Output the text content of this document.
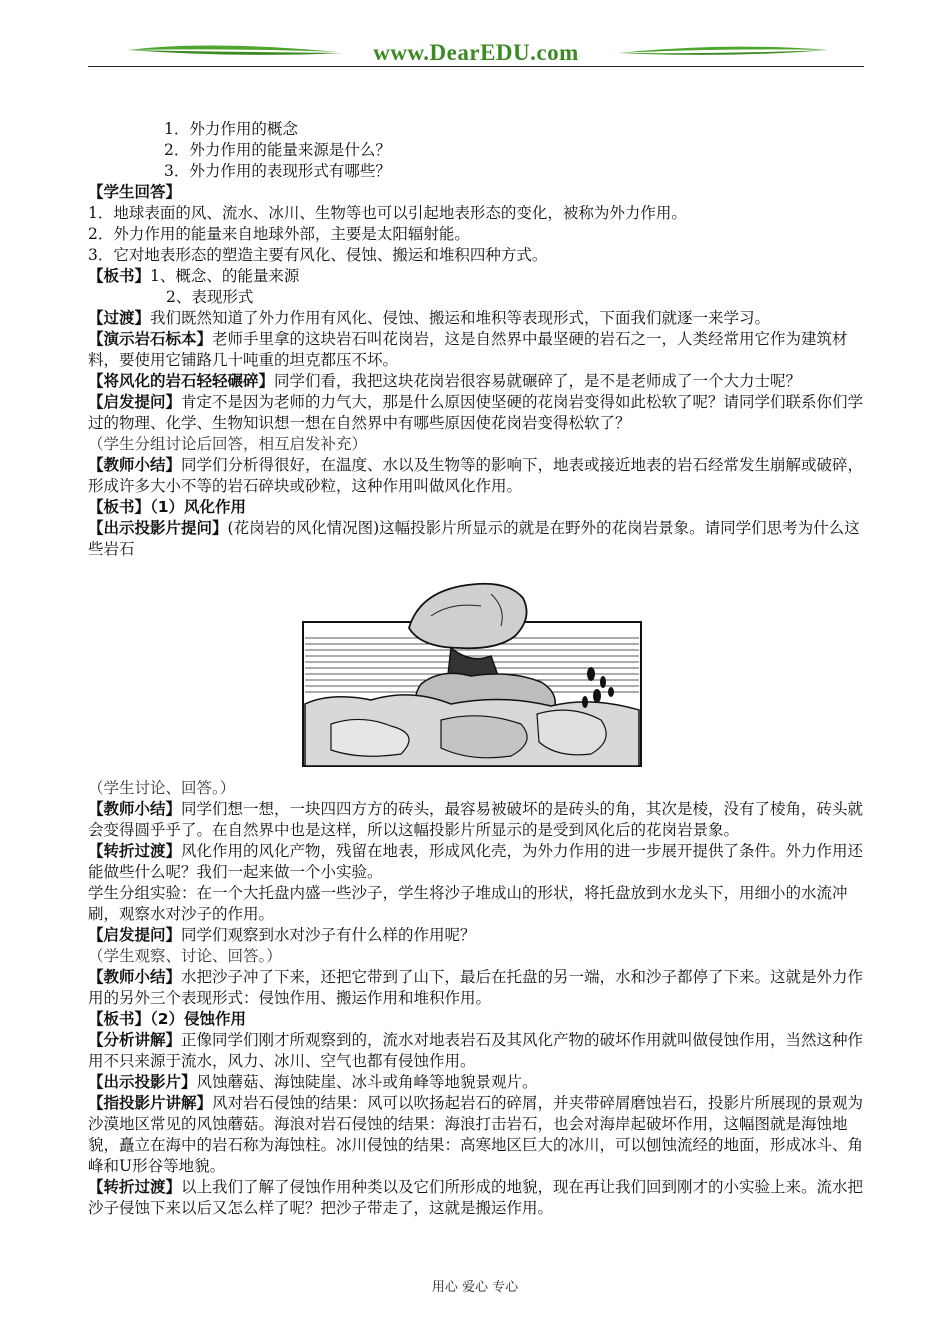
www.DearEDU.com

1．外力作用的概念

2．外力作用的能量来源是什么？

3．外力作用的表现形式有哪些？

【学生回答】

1．地球表面的风、流水、冰川、生物等也可以引起地表形态的变化，被称为外力作用。

2．外力作用的能量来自地球外部，主要是太阳辐射能。

3．它对地表形态的塑造主要有风化、侵蚀、搬运和堆积四种方式。

【板书】1、概念、的能量来源

2、表现形式

【过渡】我们既然知道了外力作用有风化、侵蚀、搬运和堆积等表现形式，下面我们就逐一来学习。

【演示岩石标本】老师手里拿的这块岩石叫花岗岩，这是自然界中最坚硬的岩石之一，人类经常用它作为建筑材料，要使用它铺路几十吨重的坦克都压不坏。

【将风化的岩石轻轻碾碎】同学们看，我把这块花岗岩很容易就碾碎了，是不是老师成了一个大力士呢？

【启发提问】肯定不是因为老师的力气大，那是什么原因使坚硬的花岗岩变得如此松软了呢？请同学们联系你们学过的物理、化学、生物知识想一想在自然界中有哪些原因使花岗岩变得松软了？

（学生分组讨论后回答，相互启发补充）

【教师小结】同学们分析得很好，在温度、水以及生物等的影响下，地表或接近地表的岩石经常发生崩解或破碎，形成许多大小不等的岩石碎块或砂粒，这种作用叫做风化作用。

【板书】（1）风化作用

【出示投影片提问】(花岗岩的风化情况图)这幅投影片所显示的就是在野外的花岗岩景象。请同学们思考为什么这些岩石

（学生讨论、回答。）

【教师小结】同学们想一想，一块四四方方的砖头，最容易被破坏的是砖头的角，其次是棱，没有了棱角，砖头就会变得圆乎乎了。在自然界中也是这样，所以这幅投影片所显示的是受到风化后的花岗岩景象。

【转折过渡】风化作用的风化产物，残留在地表，形成风化壳，为外力作用的进一步展开提供了条件。外力作用还能做些什么呢？我们一起来做一个小实验。

学生分组实验：在一个大托盘内盛一些沙子，学生将沙子堆成山的形状，将托盘放到水龙头下，用细小的水流冲刷，观察水对沙子的作用。

【启发提问】同学们观察到水对沙子有什么样的作用呢？

（学生观察、讨论、回答。）

【教师小结】水把沙子冲了下来，还把它带到了山下，最后在托盘的另一端，水和沙子都停了下来。这就是外力作用的另外三个表现形式：侵蚀作用、搬运作用和堆积作用。

【板书】（2）侵蚀作用

【分析讲解】正像同学们刚才所观察到的，流水对地表岩石及其风化产物的破坏作用就叫做侵蚀作用，当然这种作用不只来源于流水，风力、冰川、空气也都有侵蚀作用。

【出示投影片】风蚀蘑菇、海蚀陡崖、冰斗或角峰等地貌景观片。

【指投影片讲解】风对岩石侵蚀的结果：风可以吹扬起岩石的碎屑，并夹带碎屑磨蚀岩石，投影片所展现的景观为沙漠地区常见的风蚀蘑菇。海浪对岩石侵蚀的结果：海浪打击岩石，也会对海岸起破坏作用，这幅图就是海蚀地貌，矗立在海中的岩石称为海蚀柱。冰川侵蚀的结果：高寒地区巨大的冰川，可以刨蚀流经的地面，形成冰斗、角峰和U形谷等地貌。

【转折过渡】以上我们了解了侵蚀作用种类以及它们所形成的地貌，现在再让我们回到刚才的小实验上来。流水把沙子侵蚀下来以后又怎么样了呢？把沙子带走了，这就是搬运作用。

用心 爱心 专心
